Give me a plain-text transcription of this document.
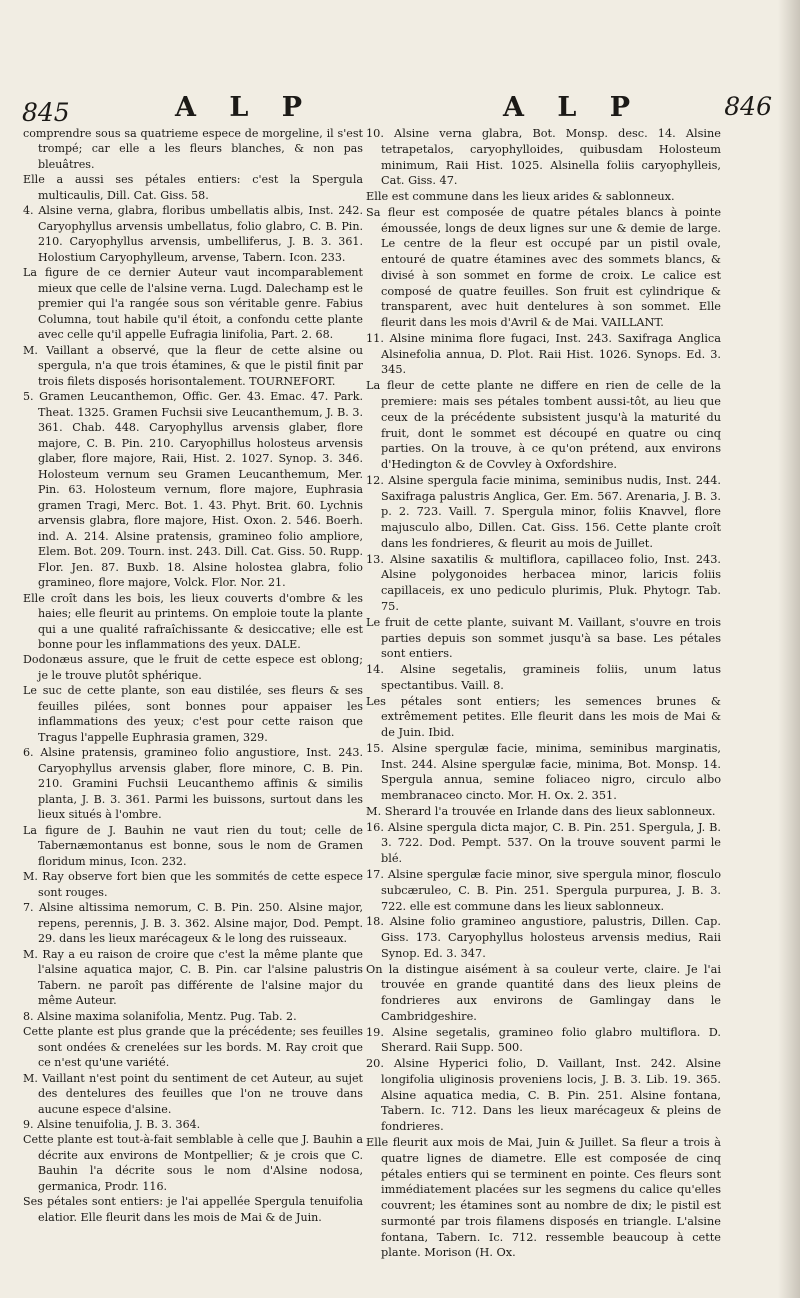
845	A L P	A L P	846

comprendre sous sa quatrieme espece de morgeline, il s'est trompé; car elle a les fleurs blanches, & non pas bleuâtres.

Elle a aussi ses pétales entiers: c'est la Spergula multicaulis, Dill. Cat. Giss. 58.

4. Alsine verna, glabra, floribus umbellatis albis, Inst. 242. Caryophyllus arvensis umbellatus, folio glabro, C. B. Pin. 210. Caryophyllus arvensis, umbelliferus, J. B. 3. 361. Holostium Caryophylleum, arvense, Tabern. Icon. 233.

La figure de ce dernier Auteur vaut incomparablement mieux que celle de l'alsine verna. Lugd. Dalechamp est le premier qui l'a rangée sous son véritable genre. Fabius Columna, tout habile qu'il étoit, a confondu cette plante avec celle qu'il appelle Eufragia linifolia, Part. 2. 68.

M. Vaillant a observé, que la fleur de cette alsine ou spergula, n'a que trois étamines, & que le pistil finit par trois filets disposés horisontalement. TOURNEFORT.

5. Gramen Leucanthemon, Offic. Ger. 43. Emac. 47. Park. Theat. 1325. Gramen Fuchsii sive Leucanthemum, J. B. 3. 361. Chab. 448. Caryophyllus arvensis glaber, flore majore, C. B. Pin. 210. Caryophillus holosteus arvensis glaber, flore majore, Raii, Hist. 2. 1027. Synop. 3. 346. Holosteum vernum seu Gramen Leucanthemum, Mer. Pin. 63. Holosteum vernum, flore majore, Euphrasia gramen Tragi, Merc. Bot. 1. 43. Phyt. Brit. 60. Lychnis arvensis glabra, flore majore, Hist. Oxon. 2. 546. Boerh. ind. A. 214. Alsine pratensis, gramineo folio ampliore, Elem. Bot. 209. Tourn. inst. 243. Dill. Cat. Giss. 50. Rupp. Flor. Jen. 87. Buxb. 18. Alsine holostea glabra, folio gramineo, flore majore, Volck. Flor. Nor. 21.

Elle croît dans les bois, les lieux couverts d'ombre & les haies; elle fleurit au printems. On emploie toute la plante qui a une qualité rafraîchissante & desiccative; elle est bonne pour les inflammations des yeux. DALE.

Dodonæus assure, que le fruit de cette espece est oblong; je le trouve plutôt sphérique.

Le suc de cette plante, son eau distilée, ses fleurs & ses feuilles pilées, sont bonnes pour appaiser les inflammations des yeux; c'est pour cette raison que Tragus l'appelle Euphrasia gramen, 329.

6. Alsine pratensis, gramineo folio angustiore, Inst. 243. Caryophyllus arvensis glaber, flore minore, C. B. Pin. 210. Gramini Fuchsii Leucanthemo affinis & similis planta, J. B. 3. 361. Parmi les buissons, surtout dans les lieux situés à l'ombre.

La figure de J. Bauhin ne vaut rien du tout; celle de Tabernæmontanus est bonne, sous le nom de Gramen floridum minus, Icon. 232.

M. Ray observe fort bien que les sommités de cette espece sont rouges.

7. Alsine altissima nemorum, C. B. Pin. 250. Alsine major, repens, perennis, J. B. 3. 362. Alsine major, Dod. Pempt. 29. dans les lieux marécageux & le long des ruisseaux.

M. Ray a eu raison de croire que c'est la même plante que l'alsine aquatica major, C. B. Pin. car l'alsine palustris Tabern. ne paroît pas différente de l'alsine major du même Auteur.

8. Alsine maxima solanifolia, Mentz. Pug. Tab. 2.

Cette plante est plus grande que la précédente; ses feuilles sont ondées & crenelées sur les bords. M. Ray croit que ce n'est qu'une variété.

M. Vaillant n'est point du sentiment de cet Auteur, au sujet des dentelures des feuilles que l'on ne trouve dans aucune espece d'alsine.

9. Alsine tenuifolia, J. B. 3. 364.

Cette plante est tout-à-fait semblable à celle que J. Bauhin a décrite aux environs de Montpellier; & je crois que C. Bauhin l'a décrite sous le nom d'Alsine nodosa, germanica, Prodr. 116.

Ses pétales sont entiers: je l'ai appellée Spergula tenuifolia elatior. Elle fleurit dans les mois de Mai & de Juin.

10. Alsine verna glabra, Bot. Monsp. desc. 14. Alsine tetrapetalos, caryophylloides, quibusdam Holosteum minimum, Raii Hist. 1025. Alsinella foliis caryophylleis, Cat. Giss. 47.

Elle est commune dans les lieux arides & sablonneux.

Sa fleur est composée de quatre pétales blancs à pointe émoussée, longs de deux lignes sur une & demie de large. Le centre de la fleur est occupé par un pistil ovale, entouré de quatre étamines avec des sommets blancs, & divisé à son sommet en forme de croix. Le calice est composé de quatre feuilles. Son fruit est cylindrique & transparent, avec huit dentelures à son sommet. Elle fleurit dans les mois d'Avril & de Mai. VAILLANT.

11. Alsine minima flore fugaci, Inst. 243. Saxifraga Anglica Alsinefolia annua, D. Plot. Raii Hist. 1026. Synops. Ed. 3. 345.

La fleur de cette plante ne differe en rien de celle de la premiere: mais ses pétales tombent aussi-tôt, au lieu que ceux de la précédente subsistent jusqu'à la maturité du fruit, dont le sommet est découpé en quatre ou cinq parties. On la trouve, à ce qu'on prétend, aux environs d'Hedington & de Covvley à Oxfordshire.

12. Alsine spergula facie minima, seminibus nudis, Inst. 244. Saxifraga palustris Anglica, Ger. Em. 567. Arenaria, J. B. 3. p. 2. 723. Vaill. 7. Spergula minor, foliis Knavvel, flore majusculo albo, Dillen. Cat. Giss. 156. Cette plante croît dans les fondrieres, & fleurit au mois de Juillet.

13. Alsine saxatilis & multiflora, capillaceo folio, Inst. 243. Alsine polygonoides herbacea minor, laricis foliis capillaceis, ex uno pediculo plurimis, Pluk. Phytogr. Tab. 75.

Le fruit de cette plante, suivant M. Vaillant, s'ouvre en trois parties depuis son sommet jusqu'à sa base. Les pétales sont entiers.

14. Alsine segetalis, gramineis foliis, unum latus spectantibus. Vaill. 8.

Les pétales sont entiers; les semences brunes & extrêmement petites. Elle fleurit dans les mois de Mai & de Juin. Ibid.

15. Alsine spergulæ facie, minima, seminibus marginatis, Inst. 244. Alsine spergulæ facie, minima, Bot. Monsp. 14. Spergula annua, semine foliaceo nigro, circulo albo membranaceo cincto. Mor. H. Ox. 2. 351.

M. Sherard l'a trouvée en Irlande dans des lieux sablonneux.

16. Alsine spergula dicta major, C. B. Pin. 251. Spergula, J. B. 3. 722. Dod. Pempt. 537. On la trouve souvent parmi le blé.

17. Alsine spergulæ facie minor, sive spergula minor, flosculo subcæruleo, C. B. Pin. 251. Spergula purpurea, J. B. 3. 722. elle est commune dans les lieux sablonneux.

18. Alsine folio gramineo angustiore, palustris, Dillen. Cap. Giss. 173. Caryophyllus holosteus arvensis medius, Raii Synop. Ed. 3. 347.

On la distingue aisément à sa couleur verte, claire. Je l'ai trouvée en grande quantité dans des lieux pleins de fondrieres aux environs de Gamlingay dans le Cambridgeshire.

19. Alsine segetalis, gramineo folio glabro multiflora. D. Sherard. Raii Supp. 500.

20. Alsine Hyperici folio, D. Vaillant, Inst. 242. Alsine longifolia uliginosis proveniens locis, J. B. 3. Lib. 19. 365. Alsine aquatica media, C. B. Pin. 251. Alsine fontana, Tabern. Ic. 712. Dans les lieux marécageux & pleins de fondrieres.

Elle fleurit aux mois de Mai, Juin & Juillet. Sa fleur a trois à quatre lignes de diametre. Elle est composée de cinq pétales entiers qui se terminent en pointe. Ces fleurs sont immédiatement placées sur les segmens du calice qu'elles couvrent; les étamines sont au nombre de dix; le pistil est surmonté par trois filamens disposés en triangle. L'alsine fontana, Tabern. Ic. 712. ressemble beaucoup à cette plante. Morison (H. Ox.
